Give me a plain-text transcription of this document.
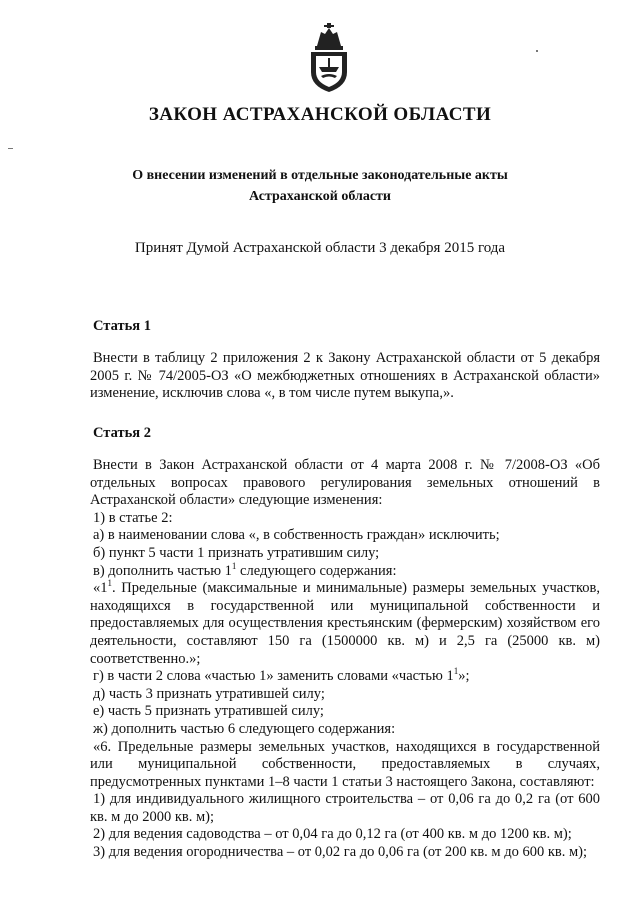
ЗАКОН АСТРАХАНСКОЙ ОБЛАСТИ
О внесении изменений в отдельные законодательные акты
Астраханской области
Принят Думой Астраханской области 3 декабря 2015 года
Статья 1

Внести в таблицу 2 приложения 2 к Закону Астраханской области от 5 декабря 2005 г. № 74/2005-ОЗ «О межбюджетных отношениях в Астраханской области» изменение, исключив слова «, в том числе путем выкупа,».

Статья 2

Внести в Закон Астраханской области от 4 марта 2008 г. № 7/2008-ОЗ «Об отдельных вопросах правового регулирования земельных отношений в Астраханской области» следующие изменения:

1) в статье 2:

а) в наименовании слова «, в собственность граждан» исключить;

б) пункт 5 части 1 признать утратившим силу;

в) дополнить частью $1^1$ следующего содержания:

«$1^1$. Предельные (максимальные и минимальные) размеры земельных участков, находящихся в государственной или муниципальной собственности и предоставляемых для осуществления крестьянским (фермерским) хозяйством его деятельности, составляют 150 га (1500000 кв. м) и 2,5 га (25000 кв. м) соответственно.»;

г) в части 2 слова «частью 1» заменить словами «частью $1^1$»;

д) часть 3 признать утратившей силу;

е) часть 5 признать утратившей силу;

ж) дополнить частью 6 следующего содержания:

«6. Предельные размеры земельных участков, находящихся в государственной или муниципальной собственности, предоставляемых в случаях, предусмотренных пунктами 1–8 части 1 статьи 3 настоящего Закона, составляют:

1) для индивидуального жилищного строительства – от 0,06 га до 0,2 га (от 600 кв. м до 2000 кв. м);

2) для ведения садоводства – от 0,04 га до 0,12 га (от 400 кв. м до 1200 кв. м);

3) для ведения огородничества – от 0,02 га до 0,06 га (от 200 кв. м до 600 кв. м);
